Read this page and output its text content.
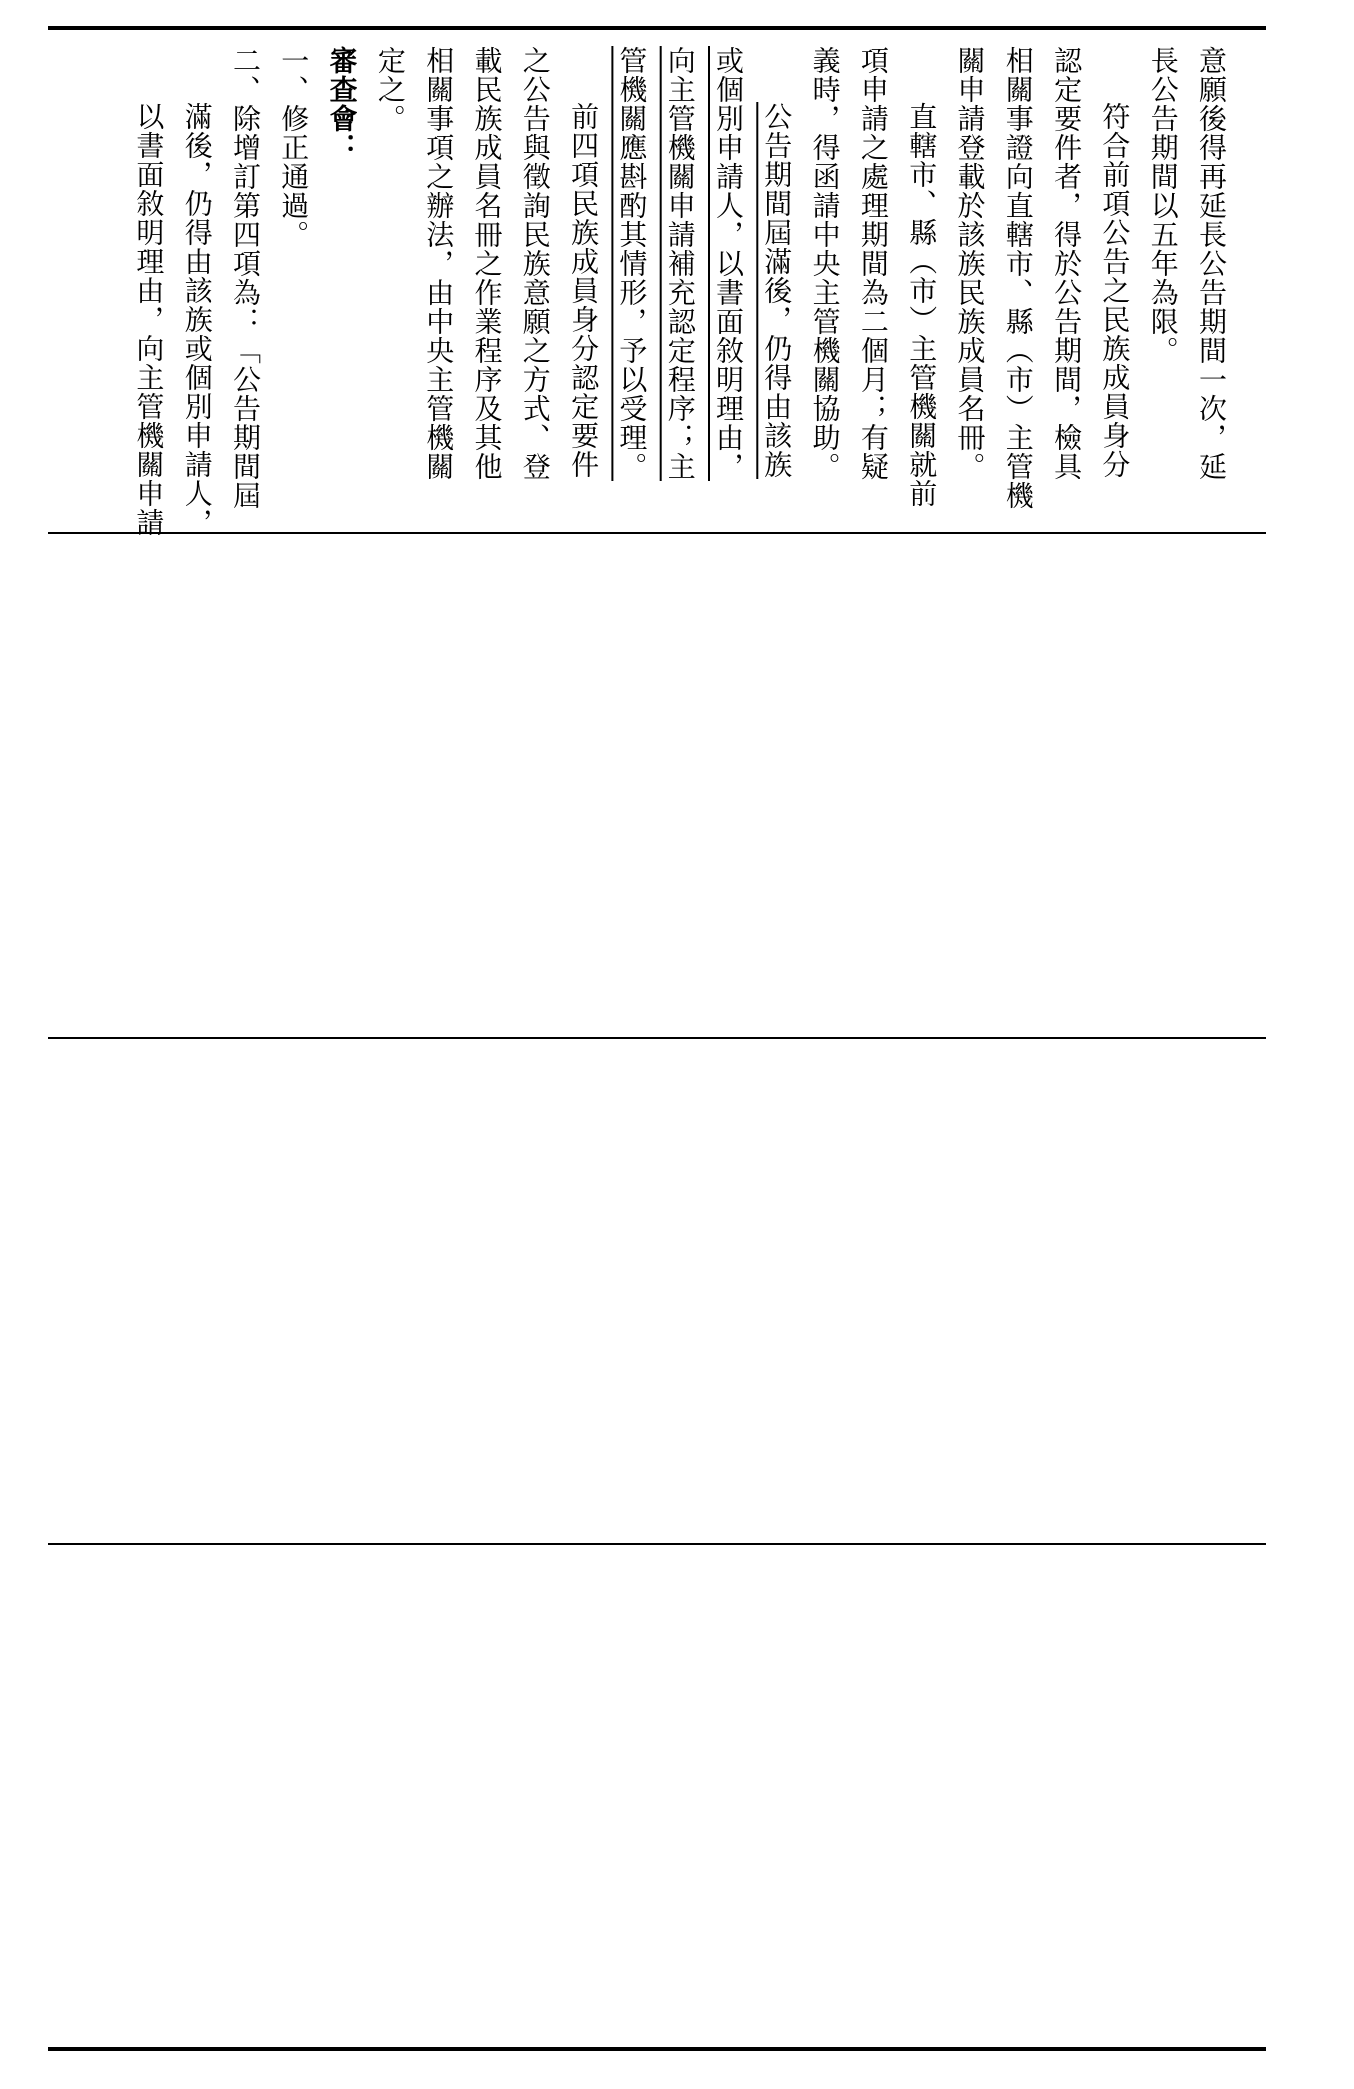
意願後得再延長公告期間一次，延
長公告期間以五年為限。
符合前項公告之民族成員身分
認定要件者，得於公告期間，檢具
相關事證向直轄市、縣（市）主管機
關申請登載於該族民族成員名冊。
直轄市、縣（市）主管機關就前
項申請之處理期間為二個月；有疑
義時，得函請中央主管機關協助。
公告期間屆滿後，仍得由該族
或個別申請人，以書面敘明理由，
向主管機關申請補充認定程序；主
管機關應斟酌其情形，予以受理。
前四項民族成員身分認定要件
之公告與徵詢民族意願之方式、登
載民族成員名冊之作業程序及其他
相關事項之辦法，由中央主管機關
定之。
審查會：
一、修正通過。
二、除增訂第四項為：「公告期間屆
滿後，仍得由該族或個別申請人，
以書面敘明理由，向主管機關申請
